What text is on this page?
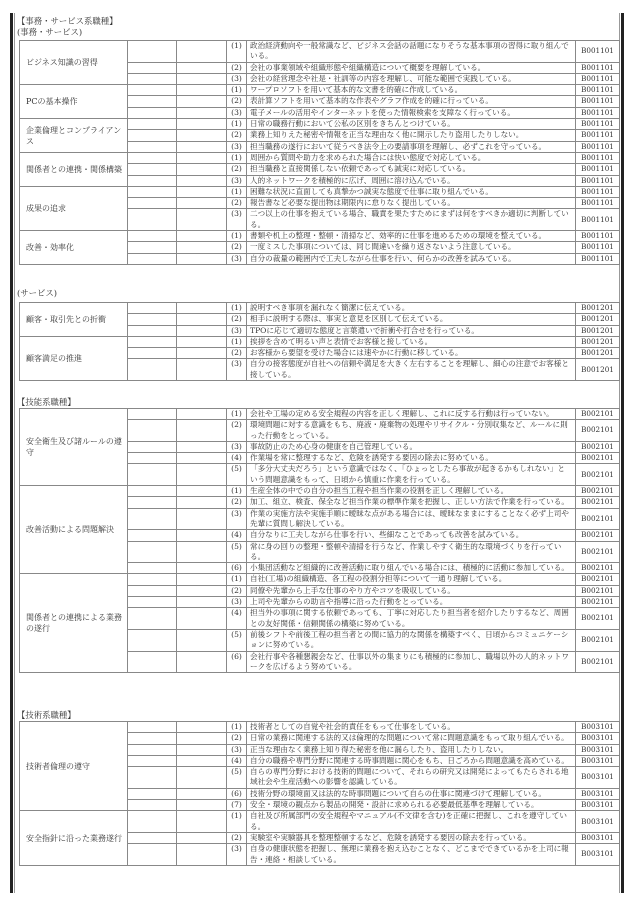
【事務・サービス系職種】
(事務・サービス)
ビジネス知識の習得			(1)	政治経済動向や一般常識など、ビジネス会話の話題になりそうな基本事項の習得に取り組んでいる。	B001101
			(2)	会社の事業領域や組織形態や組織構造について概要を理解している。	B001101
			(3)	会社の経営理念や社是・社訓等の内容を理解し、可能な範囲で実践している。	B001101
PCの基本操作			(1)	ワープロソフトを用いて基本的な文書を的確に作成している。	B001101
			(2)	表計算ソフトを用いて基本的な作表やグラフ作成を的確に行っている。	B001101
			(3)	電子メールの活用やインターネットを使った情報検索を支障なく行っている。	B001101
企業倫理とコンプライアンス			(1)	日常の職務行動において公私の区別をきちんとつけている。	B001101
			(2)	業務上知りえた秘密や情報を正当な理由なく他に開示したり盗用したりしない。	B001101
			(3)	担当職務の遂行において従うべき法令上の要請事項を理解し、必ずこれを守っている。	B001101
関係者との連携・関係構築			(1)	周囲から質問や助力を求められた場合には快い態度で対応している。	B001101
			(2)	担当職務と直接関係しない依頼であっても誠実に対応している。	B001101
			(3)	人的ネットワークを積極的に広げ、周囲に溶け込んでいる。	B001101
成果の追求			(1)	困難な状況に直面しても真摯かつ誠実な態度で仕事に取り組んでいる。	B001101
			(2)	報告書など必要な提出物は期限内に怠りなく提出している。	B001101
			(3)	二つ以上の仕事を抱えている場合、職責を果たすためにまずは何をすべきか適切に判断している。	B001101
改善・効率化			(1)	書類や机上の整理・整頓・清掃など、効率的に仕事を進めるための環境を整えている。	B001101
			(2)	一度ミスした事項については、同じ間違いを繰り返さないよう注意している。	B001101
			(3)	自分の裁量の範囲内で工夫しながら仕事を行い、何らかの改善を試みている。	B001101
(サービス)
顧客・取引先との折衝			(1)	説明すべき事項を漏れなく簡潔に伝えている。	B001201
			(2)	相手に説明する際は、事実と意見を区別して伝えている。	B001201
			(3)	TPOに応じて適切な態度と言葉遣いで折衝や打合せを行っている。	B001201
顧客満足の推進			(1)	挨拶を含めて明るい声と表情でお客様と接している。	B001201
			(2)	お客様から要望を受けた場合には速やかに行動に移している。	B001201
			(3)	自分の接客態度が自社への信頼や満足を大きく左右することを理解し、細心の注意でお客様と接している。	B001201
【技能系職種】
安全衛生及び諸ルールの遵守			(1)	会社や工場の定める安全規程の内容を正しく理解し、これに反する行動は行っていない。	B002101
			(2)	環境問題に対する意識をもち、廃液・廃棄物の処理やリサイクル・分別収集など、ルールに則った行動をとっている。	B002101
			(3)	事故防止のため心身の健康を自己管理している。	B002101
			(4)	作業場を常に整理するなど、危険を誘発する要因の除去に努めている。	B002101
			(5)	「多分大丈夫だろう」という意識ではなく、「ひょっとしたら事故が起きるかもしれない」という問題意識をもって、日頃から慎重に作業を行っている。	B002101
改善活動による問題解決			(1)	生産全体の中での自分の担当工程や担当作業の役割を正しく理解している。	B002101
			(2)	加工、組立、検査、保全など担当作業の標準作業を把握し、正しい方法で作業を行っている。	B002101
			(3)	作業の実施方法や実施手順に曖昧な点がある場合には、曖昧なままにすることなく必ず上司や先輩に質問し解決している。	B002101
			(4)	自分なりに工夫しながら仕事を行い、些細なことであっても改善を試みている。	B002101
			(5)	常に身の回りの整理・整頓や清掃を行うなど、作業しやすく衛生的な環境づくりを行っている。	B002101
			(6)	小集団活動など組織的に改善活動に取り組んでいる場合には、積極的に活動に参加している。	B002101
関係者との連携による業務の遂行			(1)	自社(工場)の組織構造、各工程の役割分担等について一通り理解している。	B002101
			(2)	同僚や先輩から上手な仕事のやり方やコツを吸収している。	B002101
			(3)	上司や先輩からの助言や指導に沿った行動をとっている。	B002101
			(4)	担当外の事項に関する依頼であっても、丁寧に対応したり担当者を紹介したりするなど、周囲との友好関係・信頼関係の構築に努めている。	B002101
			(5)	前後シフトや前後工程の担当者との間に協力的な関係を構築すべく、日頃からコミュニケーションに努めている。	B002101
			(6)	会社行事や各種懇親会など、仕事以外の集まりにも積極的に参加し、職場以外の人的ネットワークを広げるよう努めている。	B002101
【技術系職種】
技術者倫理の遵守			(1)	技術者としての自覚や社会的責任をもって仕事をしている。	B003101
			(2)	日常の業務に関連する法的又は倫理的な問題について常に問題意識をもって取り組んでいる。	B003101
			(3)	正当な理由なく業務上知り得た秘密を他に漏らしたり、盗用したりしない。	B003101
			(4)	自分の職務や専門分野に関連する時事問題に関心をもち、日ごろから問題意識を高めている。	B003101
			(5)	自らの専門分野における技術的問題について、それらの研究又は開発によってもたらされる地域社会や生産活動への影響を認識している。	B003101
			(6)	技術分野の環境面又は法的な時事問題について自らの仕事に関連づけて理解している。	B003101
			(7)	安全・環境の観点から製品の開発・設計に求められる必要最低基準を理解している。	B003101
安全指針に沿った業務遂行			(1)	自社及び所属部門の安全規程やマニュアル(不文律を含む)を正確に把握し、これを遵守している。	B003101
			(2)	実験室や実験器具を整理整頓するなど、危険を誘発する要因の除去を行っている。	B003101
			(3)	自身の健康状態を把握し、無理に業務を抱え込むことなく、どこまでできているかを上司に報告・連絡・相談している。	B003101
